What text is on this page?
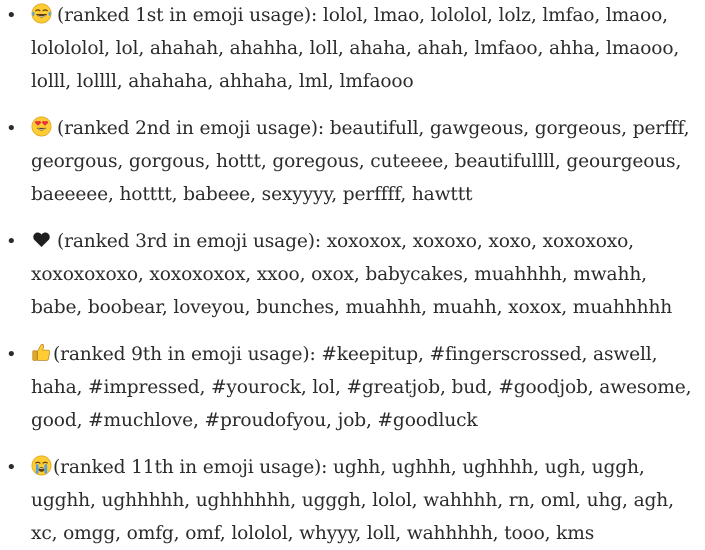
• (ranked 1st in emoji usage): lolol, lmao, lololol, lolz, lmfao, lmaoo, lolololol, lol, ahahah, ahahha, loll, ahaha, ahah, lmfaoo, ahha, lmaooo, lolll, lollll, ahahaha, ahhaha, lml, lmfaooo
• (ranked 2nd in emoji usage): beautifull, gawgeous, gorgeous, perfff, georgous, gorgous, hottt, goregous, cuteeee, beautifullll, geourgeous, baeeeee, hotttt, babeee, sexyyyy, perffff, hawttt
• (ranked 3rd in emoji usage): xoxoxox, xoxoxo, xoxo, xoxoxoxo, xoxoxoxoxo, xoxoxoxox, xxoo, oxox, babycakes, muahhhh, mwahh, babe, boobear, loveyou, bunches, muahhh, muahh, xoxox, muahhhhh
• (ranked 9th in emoji usage): #keepitup, #fingerscrossed, aswell, haha, #impressed, #yourock, lol, #greatjob, bud, #goodjob, awesome, good, #muchlove, #proudofyou, job, #goodluck
• (ranked 11th in emoji usage): ughh, ughhh, ughhhh, ugh, uggh, ugghh, ughhhhh, ughhhhhh, ugggh, lolol, wahhhh, rn, oml, uhg, agh, xc, omgg, omfg, omf, lololol, whyyy, loll, wahhhhh, tooo, kms
